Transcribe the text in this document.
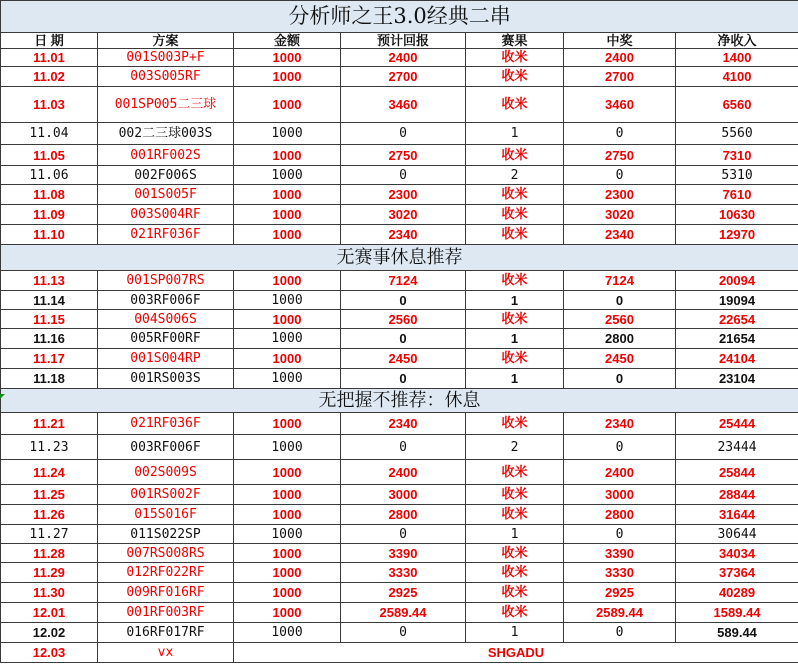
分析师之王3.0经典二串						
日 期	方案	金额	预计回报	赛果	中奖	净收入
11.01	001S003P+F	1000	2400	收米	2400	1400
11.02	003S005RF	1000	2700	收米	2700	4100
11.03	001SP005二三球	1000	3460	收米	3460	6560
11.04	002二三球003S	1000	0	1	0	5560
11.05	001RF002S	1000	2750	收米	2750	7310
11.06	002F006S	1000	0	2	0	5310
11.08	001S005F	1000	2300	收米	2300	7610
11.09	003S004RF	1000	3020	收米	3020	10630
11.10	021RF036F	1000	2340	收米	2340	12970
无赛事休息推荐						
11.13	001SP007RS	1000	7124	收米	7124	20094
11.14	003RF006F	1000	0	1	0	19094
11.15	004S006S	1000	2560	收米	2560	22654
11.16	005RF00RF	1000	0	1	2800	21654
11.17	001S004RP	1000	2450	收米	2450	24104
11.18	001RS003S	1000	0	1	0	23104
无把握不推荐：休息						
11.21	021RF036F	1000	2340	收米	2340	25444
11.23	003RF006F	1000	0	2	0	23444
11.24	002S009S	1000	2400	收米	2400	25844
11.25	001RS002F	1000	3000	收米	3000	28844
11.26	015S016F	1000	2800	收米	2800	31644
11.27	011S022SP	1000	0	1	0	30644
11.28	007RS008RS	1000	3390	收米	3390	34034
11.29	012RF022RF	1000	3330	收米	3330	37364
11.30	009RF016RF	1000	2925	收米	2925	40289
12.01	001RF003RF	1000	2589.44	收米	2589.44	1589.44
12.02	016RF017RF	1000	0	1	0	589.44
12.03	vx	SHGADU				
